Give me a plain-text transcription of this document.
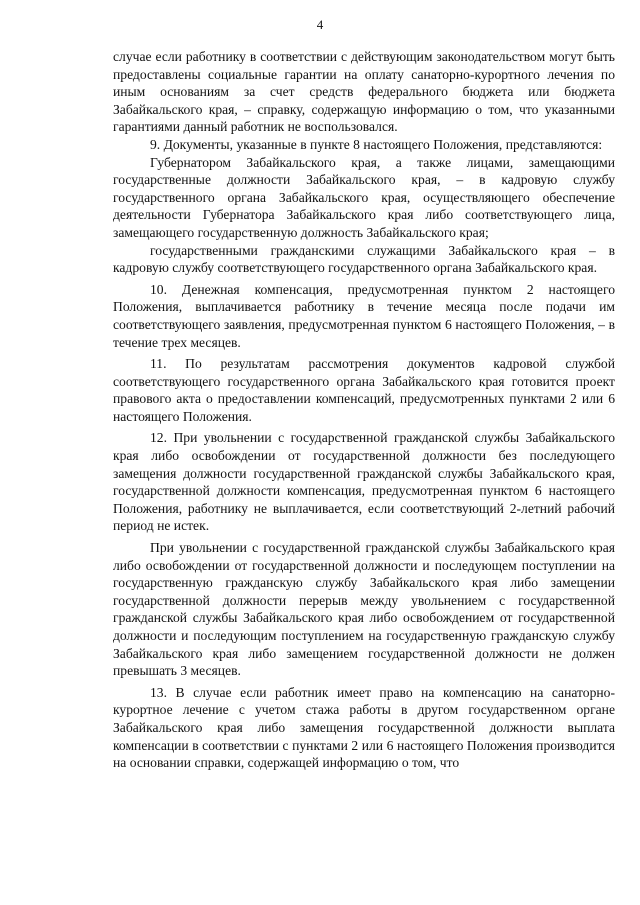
4

случае если работнику в соответствии с действующим законодательством могут быть предоставлены социальные гарантии на оплату санаторно-курортного лечения по иным основаниям за счет средств федерального бюджета или бюджета Забайкальского края, – справку, содержащую информацию о том, что указанными гарантиями данный работник не воспользовался.

9. Документы, указанные в пункте 8 настоящего Положения, представляются:

Губернатором Забайкальского края, а также лицами, замещающими государственные должности Забайкальского края, – в кадровую службу государственного органа Забайкальского края, осуществляющего обеспечение деятельности Губернатора Забайкальского края либо соответствующего лица, замещающего государственную должность Забайкальского края;

государственными гражданскими служащими Забайкальского края – в кадровую службу соответствующего государственного органа Забайкальского края.

10. Денежная компенсация, предусмотренная пунктом 2 настоящего Положения, выплачивается работнику в течение месяца после подачи им соответствующего заявления, предусмотренная пунктом 6 настоящего Положения, – в течение трех месяцев.

11. По результатам рассмотрения документов кадровой службой соответствующего государственного органа Забайкальского края готовится проект правового акта о предоставлении компенсаций, предусмотренных пунктами 2 или 6 настоящего Положения.

12. При увольнении с государственной гражданской службы Забайкальского края либо освобождении от государственной должности без последующего замещения должности государственной гражданской службы Забайкальского края, государственной должности компенсация, предусмотренная пунктом 6 настоящего Положения, работнику не выплачивается, если соответствующий 2-летний рабочий период не истек.

При увольнении с государственной гражданской службы Забайкальского края либо освобождении от государственной должности и последующем поступлении на государственную гражданскую службу Забайкальского края либо замещении государственной должности перерыв между увольнением с государственной гражданской службы Забайкальского края либо освобождением от государственной должности и последующим поступлением на государственную гражданскую службу Забайкальского края либо замещением государственной должности не должен превышать 3 месяцев.

13. В случае если работник имеет право на компенсацию на санаторно-курортное лечение с учетом стажа работы в другом государственном органе Забайкальского края либо замещения государственной должности выплата компенсации в соответствии с пунктами 2 или 6 настоящего Положения производится на основании справки, содержащей информацию о том, что
